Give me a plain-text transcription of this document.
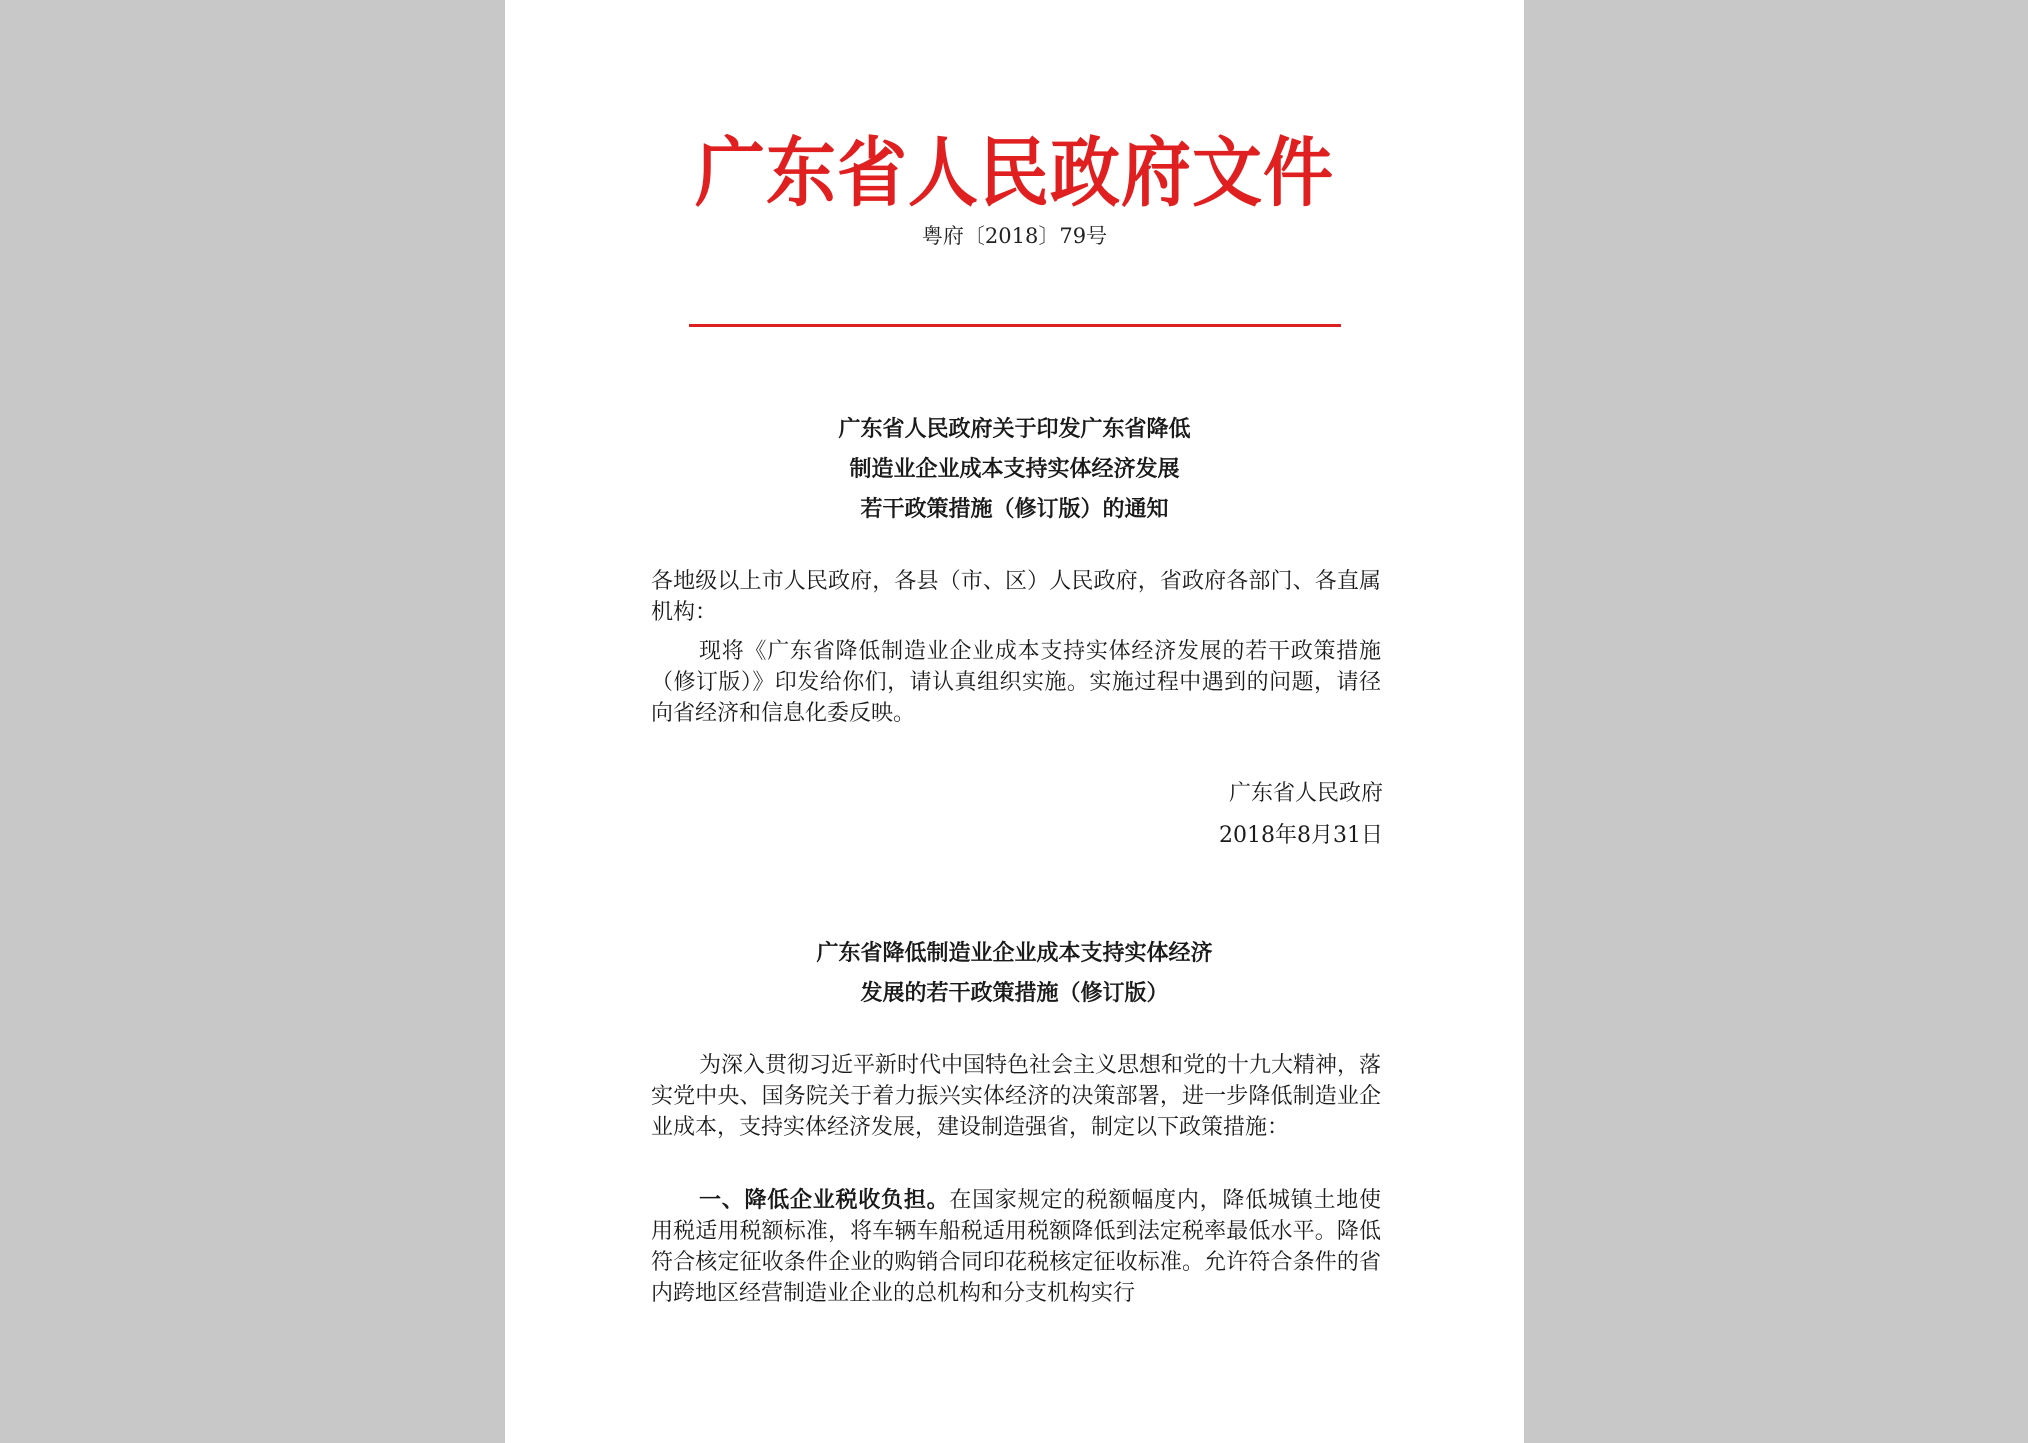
广东省人民政府文件
粤府〔2018〕79号
广东省人民政府关于印发广东省降低
制造业企业成本支持实体经济发展
若干政策措施（修订版）的通知

各地级以上市人民政府，各县（市、区）人民政府，省政府各部门、各直属机构：

现将《广东省降低制造业企业成本支持实体经济发展的若干政策措施（修订版）》印发给你们，请认真组织实施。实施过程中遇到的问题，请径向省经济和信息化委反映。

广东省人民政府
2018年8月31日
广东省降低制造业企业成本支持实体经济
发展的若干政策措施（修订版）

为深入贯彻习近平新时代中国特色社会主义思想和党的十九大精神，落实党中央、国务院关于着力振兴实体经济的决策部署，进一步降低制造业企业成本，支持实体经济发展，建设制造强省，制定以下政策措施：

一、降低企业税收负担。在国家规定的税额幅度内，降低城镇土地使用税适用税额标准，将车辆车船税适用税额降低到法定税率最低水平。降低符合核定征收条件企业的购销合同印花税核定征收标准。允许符合条件的省内跨地区经营制造业企业的总机构和分支机构实行
